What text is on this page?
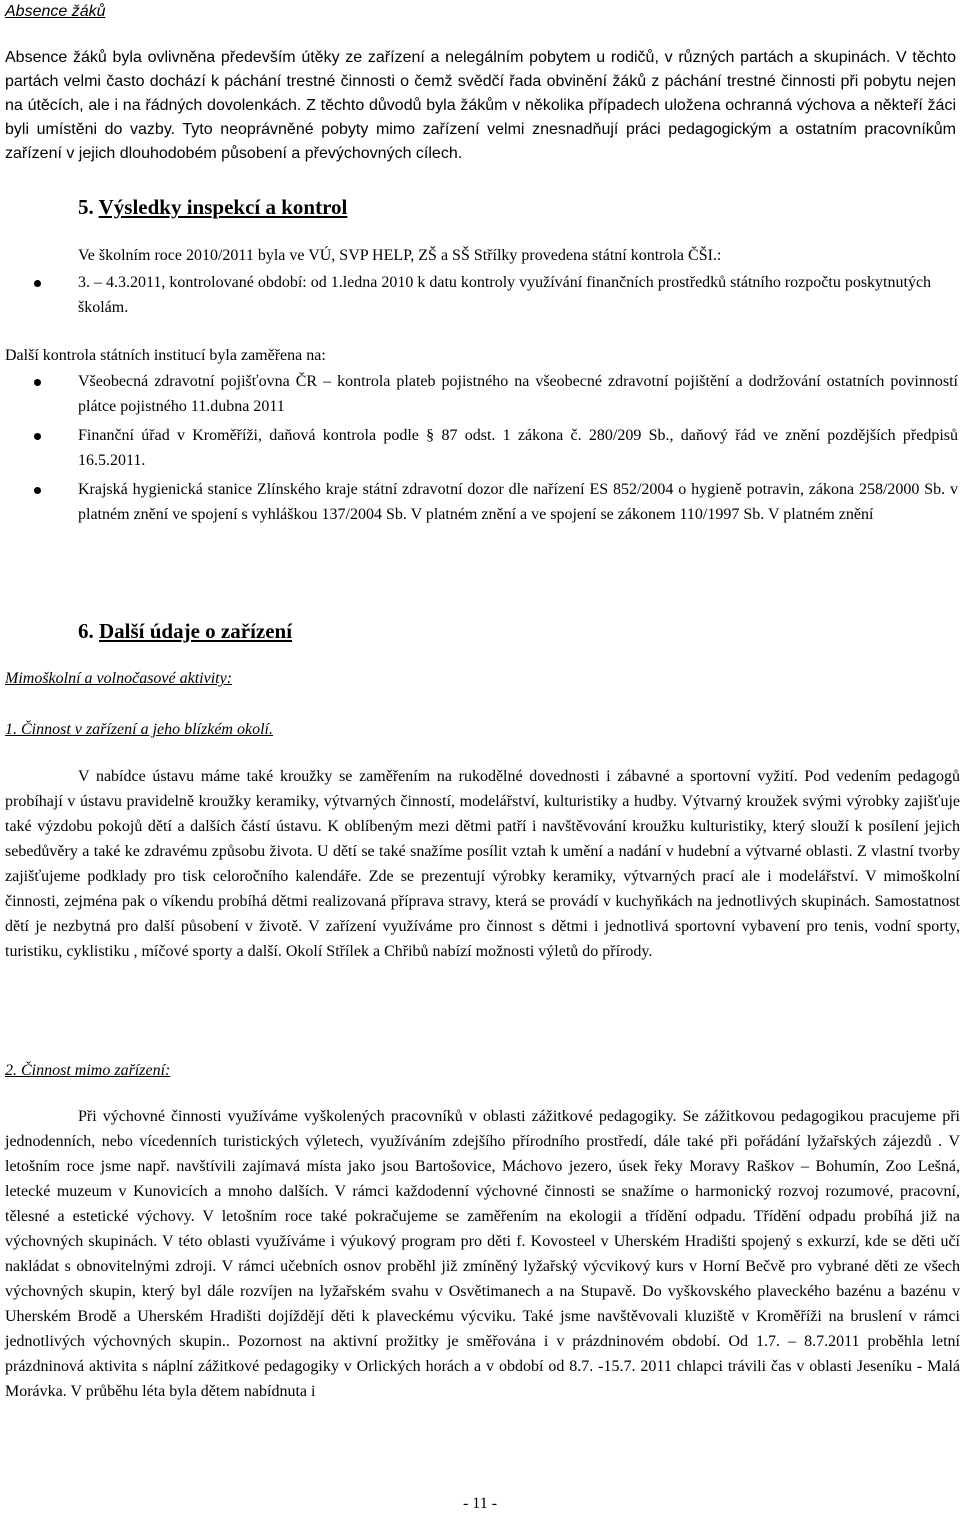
Absence žáků
Absence žáků byla ovlivněna především útěky ze zařízení a nelegálním pobytem u rodičů, v různých partách a skupinách. V těchto partách velmi často dochází k páchání trestné činnosti o čemž svědčí řada obvinění žáků z páchání trestné činnosti při pobytu nejen na útěcích, ale i na řádných dovolenkách. Z těchto důvodů byla žákům v několika případech uložena ochranná výchova a někteří žáci byli umístěni do vazby. Tyto neoprávněné pobyty mimo zařízení velmi znesnadňují práci pedagogickým a ostatním pracovníkům zařízení v jejich dlouhodobém působení a převýchovných cílech.
5. Výsledky inspekcí a kontrol
Ve školním roce 2010/2011 byla ve VÚ, SVP HELP, ZŠ a SŠ Střílky provedena státní kontrola ČŠI.:
3. – 4.3.2011, kontrolované období: od 1.ledna 2010 k datu kontroly využívání finančních prostředků státního rozpočtu poskytnutých školám.
Další kontrola státních institucí byla zaměřena na:
Všeobecná zdravotní pojišťovna ČR – kontrola plateb pojistného na všeobecné zdravotní pojištění a dodržování ostatních povinností plátce pojistného 11.dubna 2011
Finanční úřad v Kroměříži, daňová kontrola podle § 87 odst. 1 zákona č. 280/209 Sb., daňový řád ve znění pozdějších předpisů 16.5.2011.
Krajská hygienická stanice Zlínského kraje státní zdravotní dozor dle nařízení ES 852/2004 o hygieně potravin, zákona 258/2000 Sb. v platném znění ve spojení s vyhláškou 137/2004 Sb. V platném znění a ve spojení se zákonem 110/1997 Sb. V platném znění
6. Další údaje o zařízení
Mimoškolní a volnočasové aktivity:
1. Činnost v zařízení a jeho blízkém okolí.
V nabídce ústavu máme také kroužky se zaměřením na rukodělné dovednosti i zábavné a sportovní vyžití. Pod vedením pedagogů probíhají v ústavu pravidelně kroužky keramiky, výtvarných činností, modelářství, kulturistiky a hudby. Výtvarný kroužek svými výrobky zajišťuje také výzdobu pokojů dětí a dalších částí ústavu. K oblíbeným mezi dětmi patří i navštěvování kroužku kulturistiky, který slouží k posílení jejich sebedůvěry a také ke zdravému způsobu života. U dětí se také snažíme posílit vztah k umění a nadání v hudební a výtvarné oblasti. Z vlastní tvorby zajišťujeme podklady pro tisk celoročního kalendáře. Zde se prezentují výrobky keramiky, výtvarných prací ale i modelářství. V mimoškolní činnosti, zejména pak o víkendu probíhá dětmi realizovaná příprava stravy, která se provádí v kuchyňkách na jednotlivých skupinách. Samostatnost dětí je nezbytná pro další působení v životě. V zařízení využíváme pro činnost s dětmi i jednotlivá sportovní vybavení pro tenis, vodní sporty, turistiku, cyklistiku , míčové sporty a další. Okolí Střílek a Chřibů nabízí možnosti výletů do přírody.
2. Činnost mimo zařízení:
Při výchovné činnosti využíváme vyškolených pracovníků v oblasti zážitkové pedagogiky. Se zážitkovou pedagogikou pracujeme při jednodenních, nebo vícedenních turistických výletech, využíváním zdejšího přírodního prostředí, dále také při pořádání lyžařských zájezdů . V letošním roce jsme např. navštívili zajímavá místa jako jsou Bartošovice, Máchovo jezero, úsek řeky Moravy Raškov – Bohumín, Zoo Lešná, letecké muzeum v Kunovicích a mnoho dalších. V rámci každodenní výchovné činnosti se snažíme o harmonický rozvoj rozumové, pracovní, tělesné a estetické výchovy. V letošním roce také pokračujeme se zaměřením na ekologii a třídění odpadu. Třídění odpadu probíhá již na výchovných skupinách. V této oblasti využíváme i výukový program pro děti f. Kovosteel v Uherském Hradišti spojený s exkurzí, kde se děti učí nakládat s obnovitelnými zdroji. V rámci učebních osnov proběhl již zmíněný lyžařský výcvikový kurs v Horní Bečvě pro vybrané děti ze všech výchovných skupin, který byl dále rozvíjen na lyžařském svahu v Osvětimanech a na Stupavě. Do vyškovského plaveckého bazénu a bazénu v Uherském Brodě a Uherském Hradišti dojíždějí děti k plaveckému výcviku. Také jsme navštěvovali kluziště v Kroměříži na bruslení v rámci jednotlivých výchovných skupin.. Pozornost na aktivní prožitky je směřována i v prázdninovém období. Od 1.7. – 8.7.2011 proběhla letní prázdninová aktivita s náplní zážitkové pedagogiky v Orlických horách a v období od 8.7. -15.7. 2011 chlapci trávili čas v oblasti Jeseníku - Malá Morávka. V průběhu léta byla dětem nabídnuta i
- 11 -
